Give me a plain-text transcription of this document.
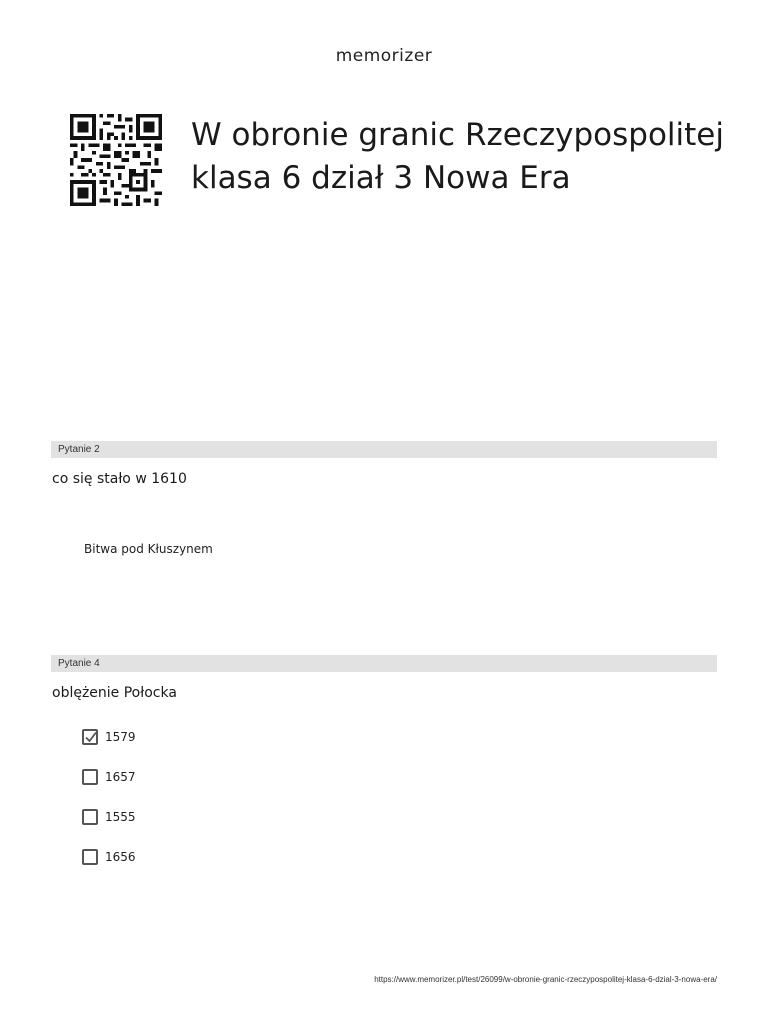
memorizer
W obronie granic Rzeczypospolitej klasa 6 dział 3 Nowa Era
Pytanie 2
co się stało w 1610
Bitwa pod Kłuszynem
Pytanie 4
oblężenie Połocka
1579
1657
1555
1656
https://www.memorizer.pl/test/26099/w-obronie-granic-rzeczypospolitej-klasa-6-dzial-3-nowa-era/
